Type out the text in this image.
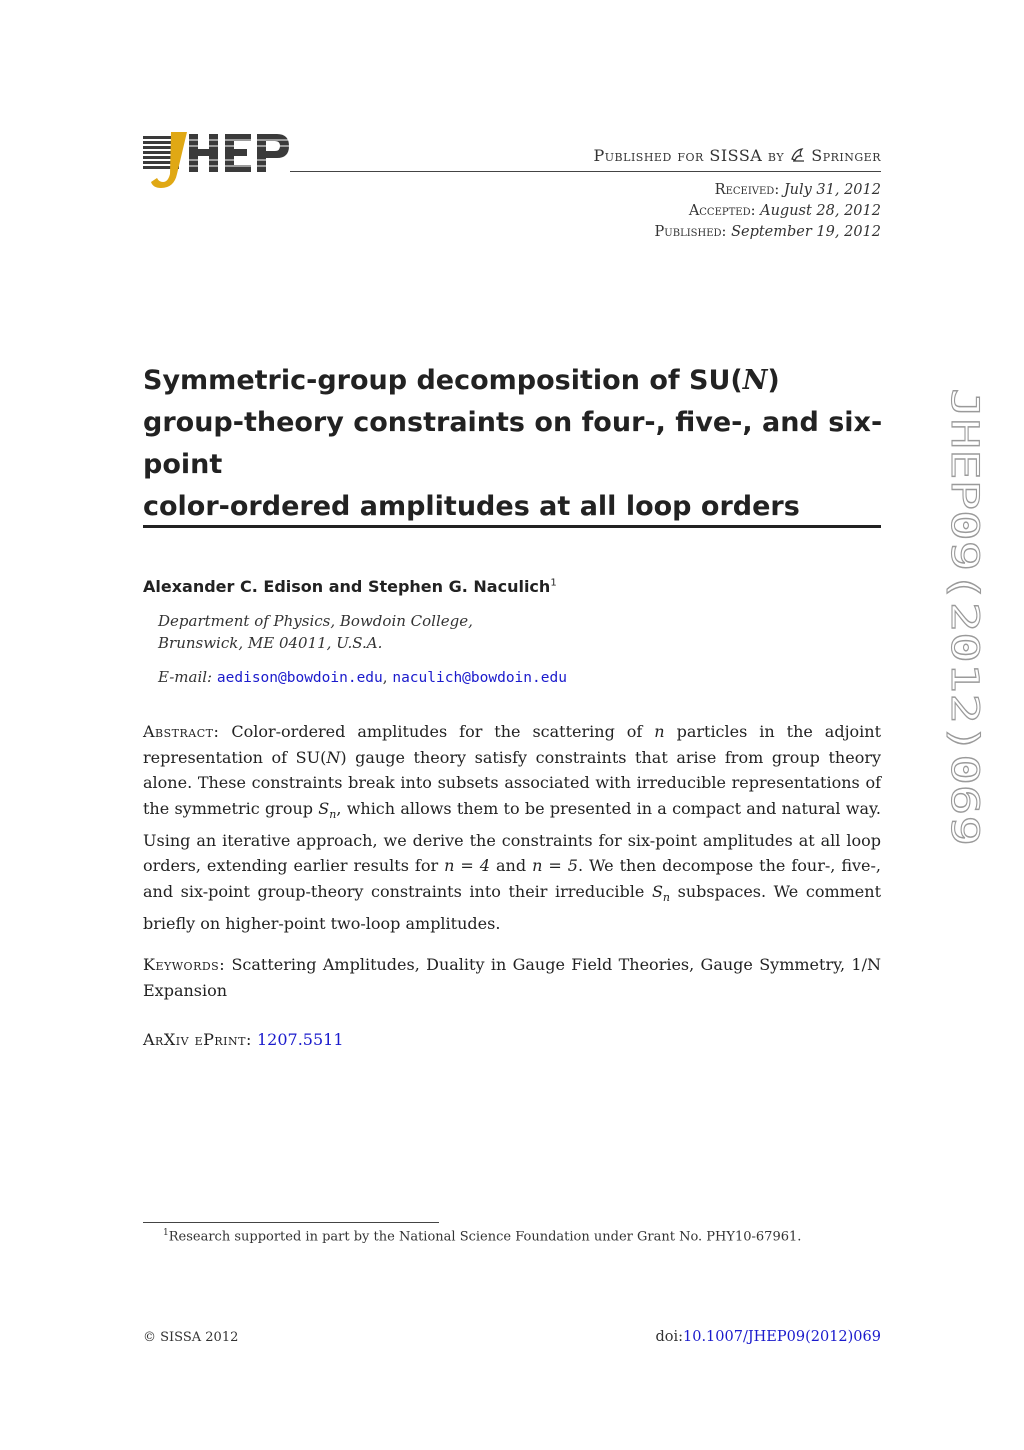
Published for SISSA by Springer
Received: July 31, 2012
Accepted: August 28, 2012
Published: September 19, 2012
JHEP09(2012)069
Symmetric-group decomposition of SU(N)
group-theory constraints on four-, five-, and six-point
color-ordered amplitudes at all loop orders
Alexander C. Edison and Stephen G. Naculich$^1$
Department of Physics, Bowdoin College,
Brunswick, ME 04011, U.S.A.
E-mail: aedison@bowdoin.edu, naculich@bowdoin.edu
Abstract: Color-ordered amplitudes for the scattering of n particles in the adjoint representation of SU(N) gauge theory satisfy constraints that arise from group theory alone. These constraints break into subsets associated with irreducible representations of the symmetric group $S_n$, which allows them to be presented in a compact and natural way. Using an iterative approach, we derive the constraints for six-point amplitudes at all loop orders, extending earlier results for n = 4 and n = 5. We then decompose the four-, five-, and six-point group-theory constraints into their irreducible $S_n$ subspaces. We comment briefly on higher-point two-loop amplitudes.
Keywords: Scattering Amplitudes, Duality in Gauge Field Theories, Gauge Symmetry, 1/N Expansion
ArXiv ePrint: 1207.5511
$^1$Research supported in part by the National Science Foundation under Grant No. PHY10-67961.
© SISSA 2012	doi:10.1007/JHEP09(2012)069
